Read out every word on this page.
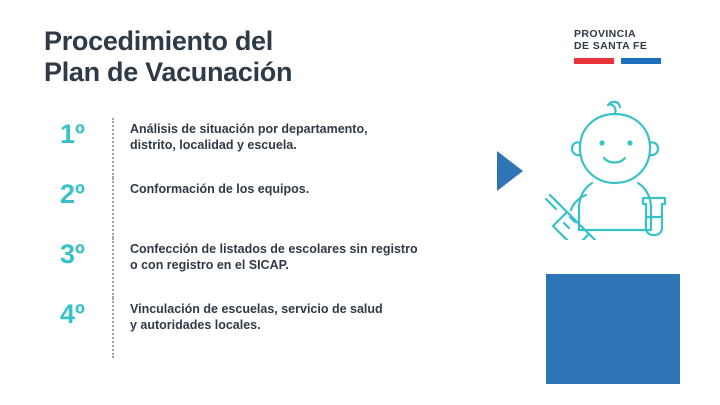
Procedimiento del
Plan de Vacunación
PROVINCIA
DE SANTA FE
1º	Análisis de situación por departamento,
distrito, localidad y escuela.
2º	Conformación de los equipos.
3º	Confección de listados de escolares sin registro
o con registro en el SICAP.
4º	Vinculación de escuelas, servicio de salud
y autoridades locales.
